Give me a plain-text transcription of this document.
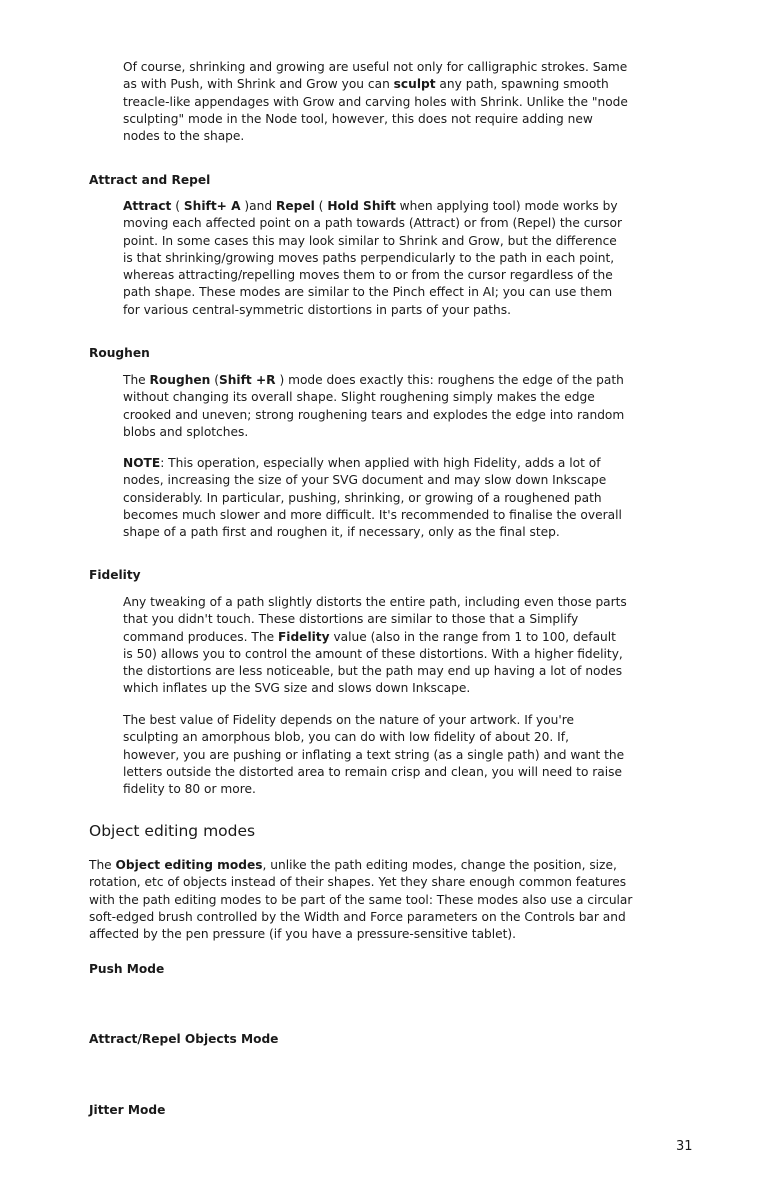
Of course, shrinking and growing are useful not only for calligraphic strokes. Same as with Push, with Shrink and Grow you can sculpt any path, spawning smooth treacle-like appendages with Grow and carving holes with Shrink. Unlike the "node sculpting" mode in the Node tool, however, this does not require adding new nodes to the shape.

Attract and Repel

Attract ( Shift+ A )and Repel ( Hold Shift when applying tool) mode works by moving each affected point on a path towards (Attract) or from (Repel) the cursor point. In some cases this may look similar to Shrink and Grow, but the difference is that shrinking/growing moves paths perpendicularly to the path in each point, whereas attracting/repelling moves them to or from the cursor regardless of the path shape. These modes are similar to the Pinch effect in AI; you can use them for various central-symmetric distortions in parts of your paths.

Roughen

The Roughen (Shift +R ) mode does exactly this: roughens the edge of the path without changing its overall shape. Slight roughening simply makes the edge crooked and uneven; strong roughening tears and explodes the edge into random blobs and splotches.

NOTE: This operation, especially when applied with high Fidelity, adds a lot of nodes, increasing the size of your SVG document and may slow down Inkscape considerably. In particular, pushing, shrinking, or growing of a roughened path becomes much slower and more difficult. It's recommended to finalise the overall shape of a path first and roughen it, if necessary, only as the final step.

Fidelity

Any tweaking of a path slightly distorts the entire path, including even those parts that you didn't touch. These distortions are similar to those that a Simplify command produces. The Fidelity value (also in the range from 1 to 100, default is 50) allows you to control the amount of these distortions. With a higher fidelity, the distortions are less noticeable, but the path may end up having a lot of nodes which inflates up the SVG size and slows down Inkscape.

The best value of Fidelity depends on the nature of your artwork. If you're sculpting an amorphous blob, you can do with low fidelity of about 20. If, however, you are pushing or inflating a text string (as a single path) and want the letters outside the distorted area to remain crisp and clean, you will need to raise fidelity to 80 or more.

Object editing modes

The Object editing modes, unlike the path editing modes, change the position, size, rotation, etc of objects instead of their shapes. Yet they share enough common features with the path editing modes to be part of the same tool: These modes also use a circular soft-edged brush controlled by the Width and Force parameters on the Controls bar and affected by the pen pressure (if you have a pressure-sensitive tablet).

Push Mode
Attract/Repel Objects Mode
Jitter Mode
31
